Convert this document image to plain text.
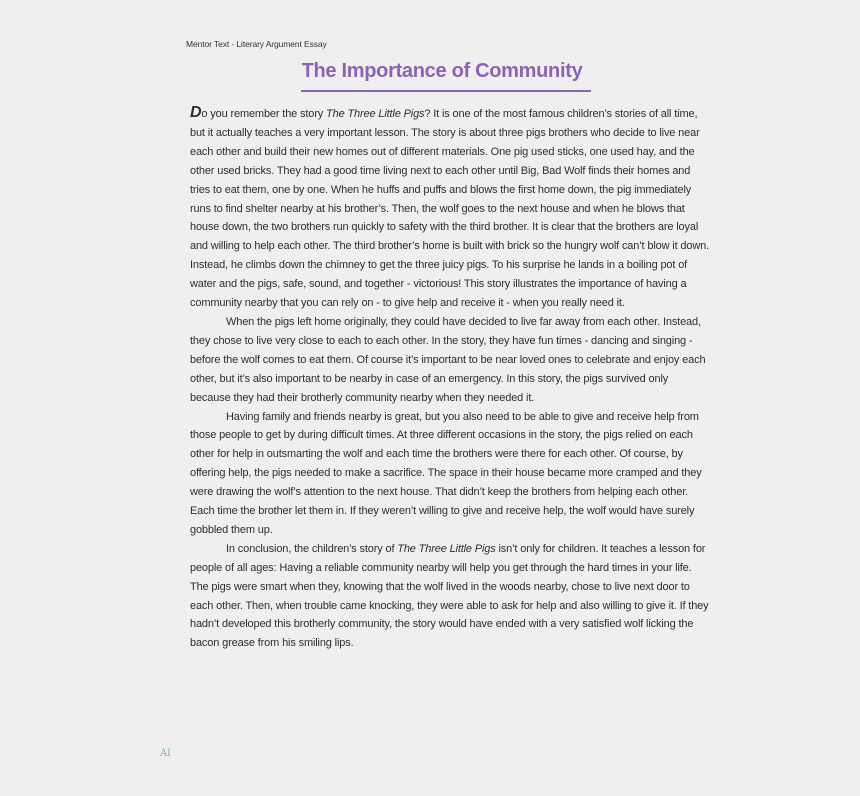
Mentor Text - Literary Argument Essay
The Importance of Community

Do you remember the story The Three Little Pigs? It is one of the most famous children’s stories of all time, but it actually teaches a very important lesson. The story is about three pigs brothers who decide to live near each other and build their new homes out of different materials. One pig used sticks, one used hay, and the other used bricks. They had a good time living next to each other until Big, Bad Wolf finds their homes and tries to eat them, one by one. When he huffs and puffs and blows the first home down, the pig immediately runs to find shelter nearby at his brother’s. Then, the wolf goes to the next house and when he blows that house down, the two brothers run quickly to safety with the third brother. It is clear that the brothers are loyal and willing to help each other. The third brother’s home is built with brick so the hungry wolf can’t blow it down. Instead, he climbs down the chimney to get the three juicy pigs. To his surprise he lands in a boiling pot of water and the pigs, safe, sound, and together - victorious! This story illustrates the importance of having a community nearby that you can rely on - to give help and receive it - when you really need it.

When the pigs left home originally, they could have decided to live far away from each other. Instead, they chose to live very close to each to each other. In the story, they have fun times - dancing and singing - before the wolf comes to eat them. Of course it’s important to be near loved ones to celebrate and enjoy each other, but it’s also important to be nearby in case of an emergency. In this story, the pigs survived only because they had their brotherly community nearby when they needed it.

Having family and friends nearby is great, but you also need to be able to give and receive help from those people to get by during difficult times. At three different occasions in the story, the pigs relied on each other for help in outsmarting the wolf and each time the brothers were there for each other. Of course, by offering help, the pigs needed to make a sacrifice. The space in their house became more cramped and they were drawing the wolf’s attention to the next house. That didn’t keep the brothers from helping each other. Each time the brother let them in. If they weren’t willing to give and receive help, the wolf would have surely gobbled them up.

In conclusion, the children’s story of The Three Little Pigs isn’t only for children. It teaches a lesson for people of all ages: Having a reliable community nearby will help you get through the hard times in your life. The pigs were smart when they, knowing that the wolf lived in the woods nearby, chose to live next door to each other. Then, when trouble came knocking, they were able to ask for help and also willing to give it. If they hadn’t developed this brotherly community, the story would have ended with a very satisfied wolf licking the bacon grease from his smiling lips.

Al
